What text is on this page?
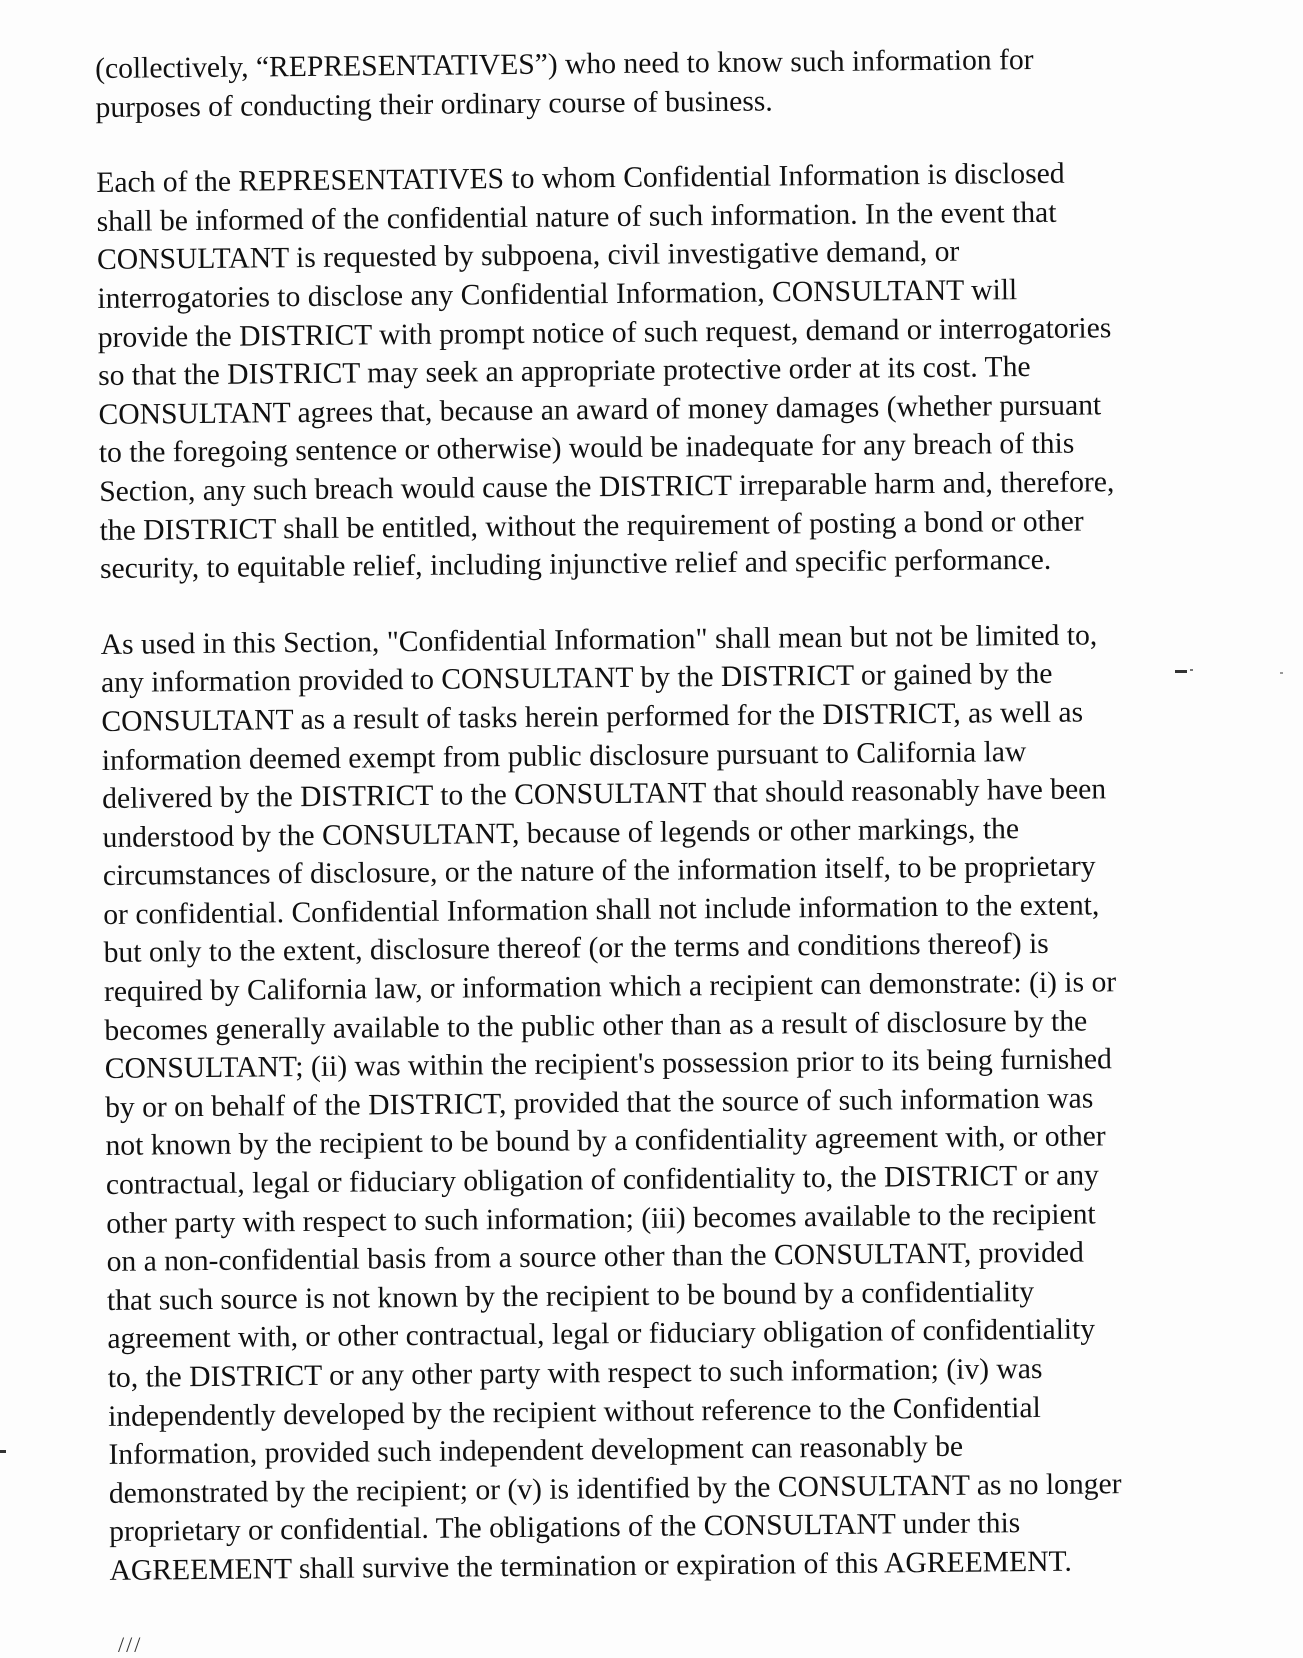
(collectively, “REPRESENTATIVES”) who need to know such information for
purposes of conducting their ordinary course of business.
Each of the REPRESENTATIVES to whom Confidential Information is disclosed
shall be informed of the confidential nature of such information. In the event that
CONSULTANT is requested by subpoena, civil investigative demand, or
interrogatories to disclose any Confidential Information, CONSULTANT will
provide the DISTRICT with prompt notice of such request, demand or interrogatories
so that the DISTRICT may seek an appropriate protective order at its cost. The
CONSULTANT agrees that, because an award of money damages (whether pursuant
to the foregoing sentence or otherwise) would be inadequate for any breach of this
Section, any such breach would cause the DISTRICT irreparable harm and, therefore,
the DISTRICT shall be entitled, without the requirement of posting a bond or other
security, to equitable relief, including injunctive relief and specific performance.
As used in this Section, "Confidential Information" shall mean but not be limited to,
any information provided to CONSULTANT by the DISTRICT or gained by the
CONSULTANT as a result of tasks herein performed for the DISTRICT, as well as
information deemed exempt from public disclosure pursuant to California law
delivered by the DISTRICT to the CONSULTANT that should reasonably have been
understood by the CONSULTANT, because of legends or other markings, the
circumstances of disclosure, or the nature of the information itself, to be proprietary
or confidential. Confidential Information shall not include information to the extent,
but only to the extent, disclosure thereof (or the terms and conditions thereof) is
required by California law, or information which a recipient can demonstrate: (i) is or
becomes generally available to the public other than as a result of disclosure by the
CONSULTANT; (ii) was within the recipient's possession prior to its being furnished
by or on behalf of the DISTRICT, provided that the source of such information was
not known by the recipient to be bound by a confidentiality agreement with, or other
contractual, legal or fiduciary obligation of confidentiality to, the DISTRICT or any
other party with respect to such information; (iii) becomes available to the recipient
on a non-confidential basis from a source other than the CONSULTANT, provided
that such source is not known by the recipient to be bound by a confidentiality
agreement with, or other contractual, legal or fiduciary obligation of confidentiality
to, the DISTRICT or any other party with respect to such information; (iv) was
independently developed by the recipient without reference to the Confidential
Information, provided such independent development can reasonably be
demonstrated by the recipient; or (v) is identified by the CONSULTANT as no longer
proprietary or confidential. The obligations of the CONSULTANT under this
AGREEMENT shall survive the termination or expiration of this AGREEMENT.
///
